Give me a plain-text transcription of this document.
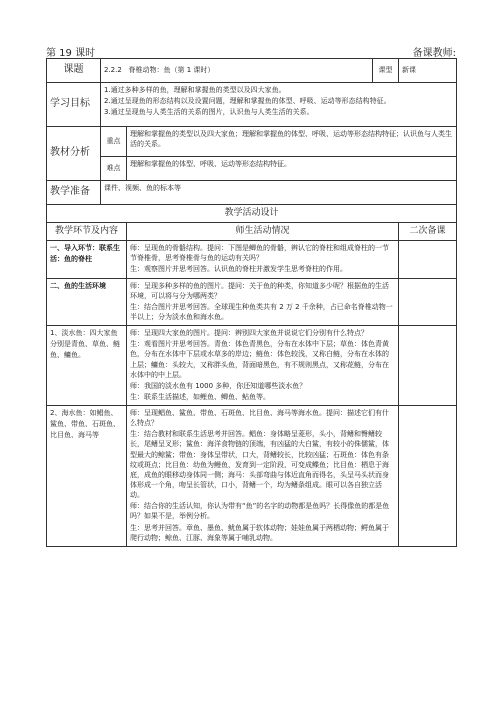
第 19 课时	备课教师:
课题	2.2.2 脊椎动物：鱼（第 1 课时）		课型	新课
学习目标	1.通过多种多样的鱼，理解和掌握鱼的类型以及四大家鱼。

2.通过呈现鱼的形态结构以及设置问题，理解和掌握鱼的体型、呼吸、运动等形态结构特征。

3.通过呈现鱼与人类生活的关系的图片，认识鱼与人类生活的关系。			

教材分析	重点	理解和掌握鱼的类型以及四大家鱼；理解和掌握鱼的体型、呼吸、运动等形态结构特征；认识鱼与人类生活的关系。		
	难点	理解和掌握鱼的体型、呼吸、运动等形态结构特征。		
教学准备	课件、视频、鱼的标本等			
教学活动设计				
教学环节及内容		师生活动情况		二次备课
一、导入环节：联系生活：鱼的脊柱		师：呈现鱼的骨骼结构。提问：下图是鲫鱼的骨骼，辨认它的脊柱和组成脊柱的一节节脊椎骨，思考脊椎骨与鱼的运动有关吗？

生：观察图片并思考回答。认识鱼的脊柱并激发学生思考脊柱的作用。		

二、鱼的生活环境		师：呈现多种多样的鱼的图片。提问：关于鱼的种类，你知道多少呢？根据鱼的生活环境，可以将与分为哪两类？

生：结合图片并思考回答。全球现生种鱼类共有 2 万 2 千余种，占已命名脊椎动物一半以上；分为淡水鱼和海水鱼。		

1、淡水鱼：四大家鱼分别是青鱼、草鱼、鲢鱼、鳙鱼。		师：呈现四大家鱼的图片。提问：辨别四大家鱼并说说它们分别有什么特点？

生：观看图片并思考回答。青鱼：体色青黑色，分布在水体中下层；草鱼：体色青黄色，分布在水体中下层或水草多的岸边；鲢鱼：体色较浅，又称白鲢，分布在水体的上层；鳙鱼：头较大，又称胖头鱼，背面暗黑色，有不规则黑点，又称花鲢，分布在水体中的中上层。

师：我国的淡水鱼有 1000 多种，你还知道哪些淡水鱼？

生：联系生活描述，如鲤鱼、鲫鱼、鲇鱼等。		

2、海水鱼：如鲳鱼、鲨鱼、带鱼、石斑鱼、比目鱼、海马等		师：呈现鲳鱼、鲨鱼、带鱼、石斑鱼、比目鱼、海马等海水鱼。提问：描述它们有什么特点？

生：结合教材和联系生活思考并回答。鲳鱼：身体略呈菱形，头小，背鳍和臀鳍较长，尾鳍呈叉形；鲨鱼：海洋食物链的顶端，有凶猛的大白鲨，有较小的侏儒鲨，体型最大的鲸鲨；带鱼：身体呈带状，口大，背鳍较长，比较凶猛；石斑鱼：体色有条纹或斑点；比目鱼：幼鱼为鳗鱼，发育到一定阶段，可变成鲽鱼；比目鱼：栖息于海底，成鱼的眼移动身体同一侧；海马：头部弯曲与体近直角而得名，头呈马头状而身体形成一个角，吻呈长管状，口小，背鳍一个，均为鳍条组成。眼可以各自独立活动。

师：结合你的生活认知，你认为带有“鱼”的名字的动物都是鱼吗？长得像鱼的都是鱼吗？如果不是，举例分析。

生：思考并回答。章鱼、墨鱼、鱿鱼属于软体动物；娃娃鱼属于两栖动物；鳄鱼属于爬行动物；鲸鱼、江豚、海象等属于哺乳动物。		
